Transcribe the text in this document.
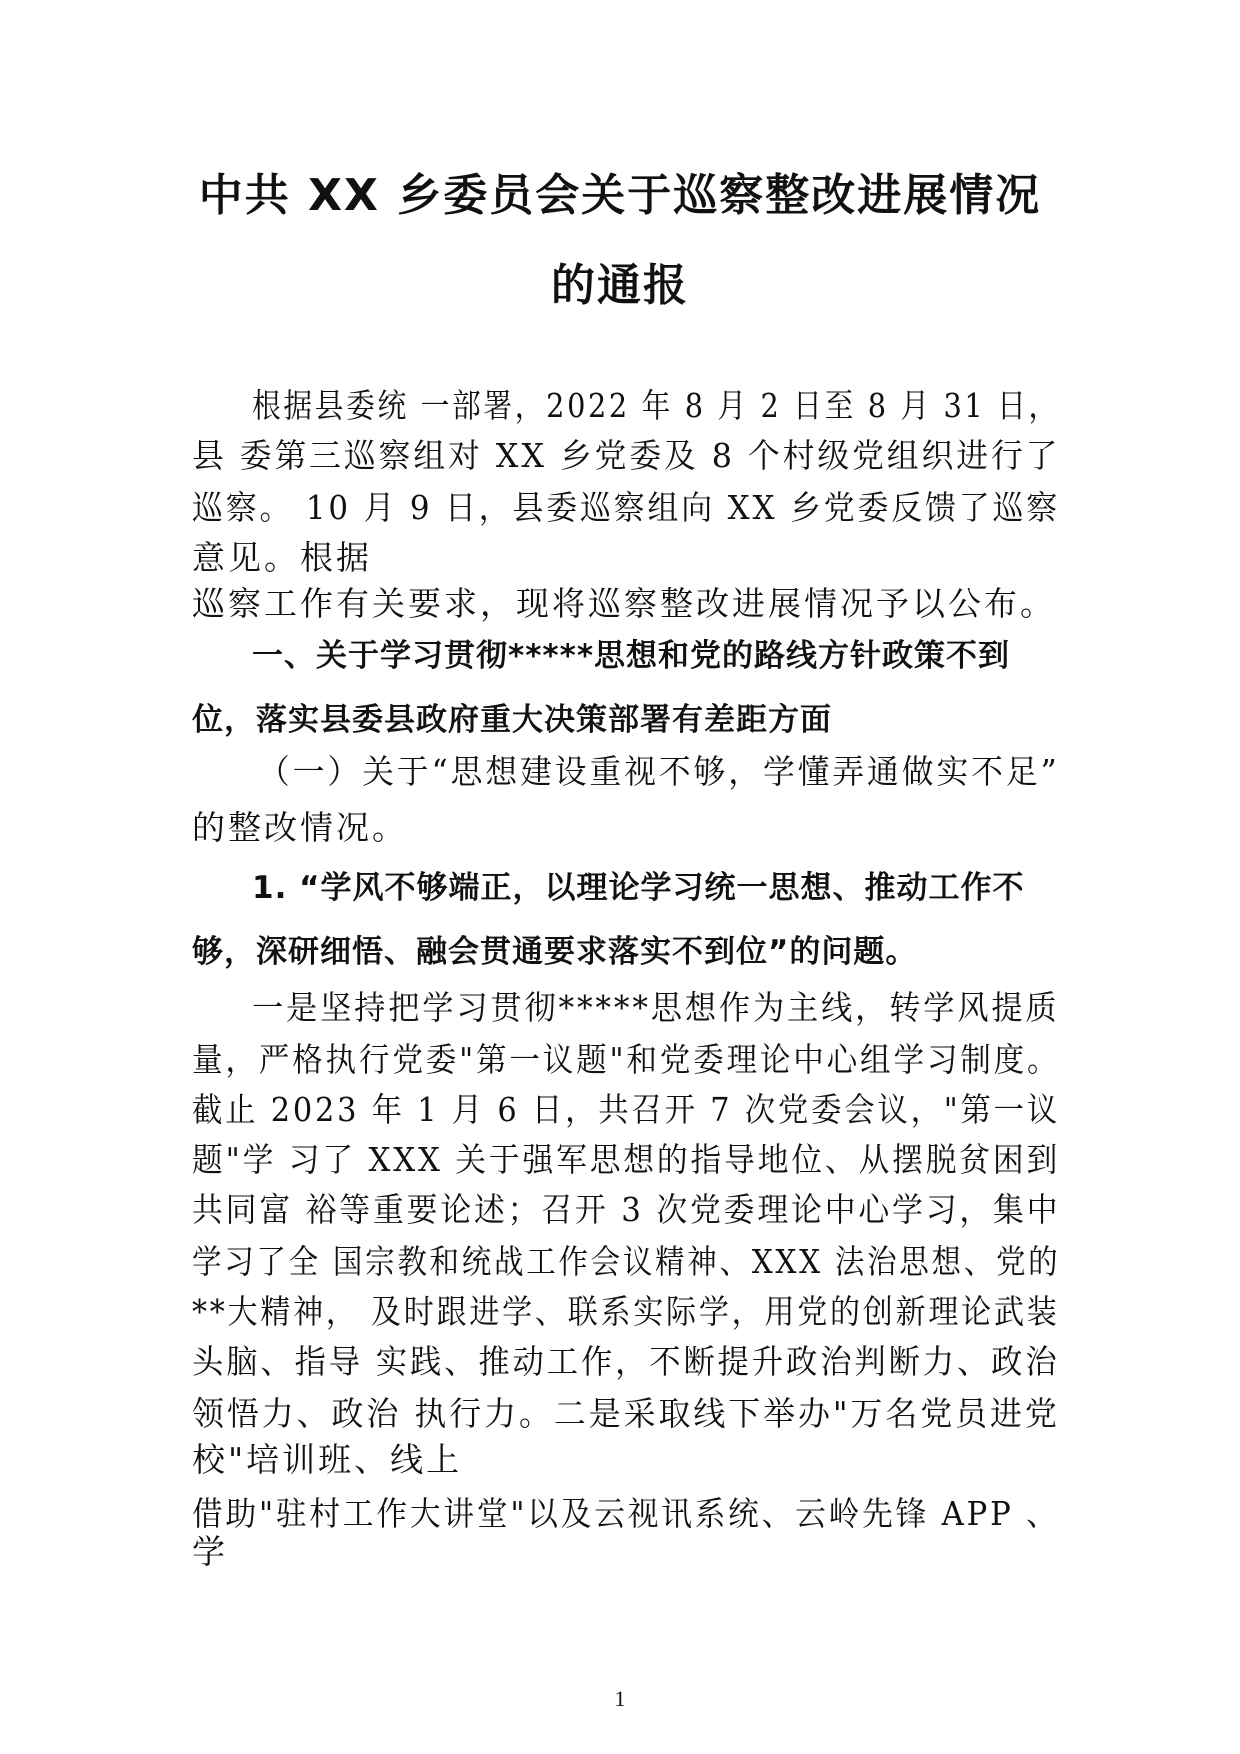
中共 XX 乡委员会关于巡察整改进展情况
的通报
根据县委统 一部署，2022 年 8 月 2 日至 8 月 31 日，
县 委第三巡察组对 XX 乡党委及 8 个村级党组织进行了
巡察。 10 月 9 日，县委巡察组向 XX 乡党委反馈了巡察
意见。根据
巡察工作有关要求，现将巡察整改进展情况予以公布。
一、关于学习贯彻*****思想和党的路线方针政策不到
位，落实县委县政府重大决策部署有差距方面
（一）关于“思想建设重视不够，学懂弄通做实不足”
的整改情况。
1. “学风不够端正，以理论学习统一思想、推动工作不
够，深研细悟、融会贯通要求落实不到位”的问题。
一是坚持把学习贯彻*****思想作为主线，转学风提质
量，严格执行党委"第一议题"和党委理论中心组学习制度。
截止 2023 年 1 月 6 日，共召开 7 次党委会议，"第一议
题"学 习了 XXX 关于强军思想的指导地位、从摆脱贫困到
共同富 裕等重要论述；召开 3 次党委理论中心学习，集中
学习了全 国宗教和统战工作会议精神、XXX 法治思想、党的
**大精神， 及时跟进学、联系实际学，用党的创新理论武装
头脑、指导 实践、推动工作，不断提升政治判断力、政治
领悟力、政治 执行力。二是采取线下举办"万名党员进党
校"培训班、线上
借助"驻村工作大讲堂"以及云视讯系统、云岭先锋 APP 、
学
1
